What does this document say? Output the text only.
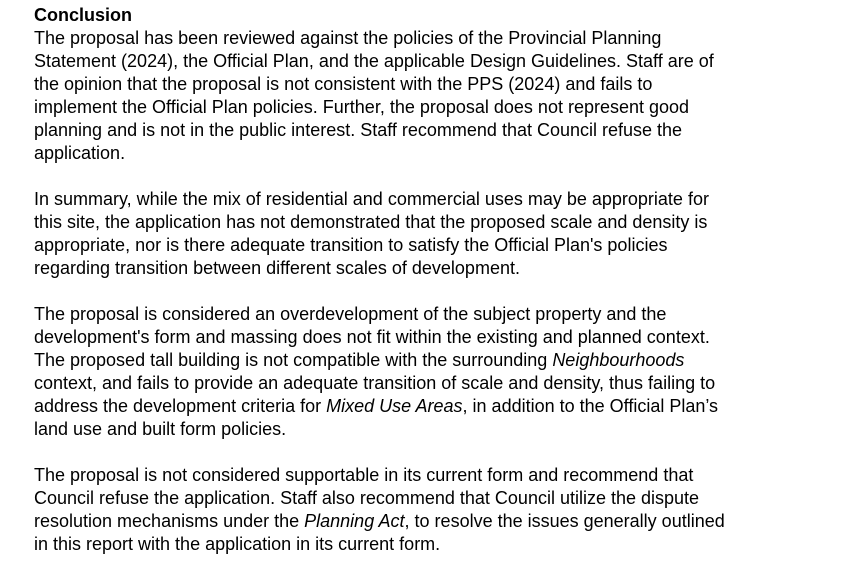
Conclusion
The proposal has been reviewed against the policies of the Provincial Planning
Statement (2024), the Official Plan, and the applicable Design Guidelines. Staff are of
the opinion that the proposal is not consistent with the PPS (2024) and fails to
implement the Official Plan policies. Further, the proposal does not represent good
planning and is not in the public interest. Staff recommend that Council refuse the
application.
In summary, while the mix of residential and commercial uses may be appropriate for
this site, the application has not demonstrated that the proposed scale and density is
appropriate, nor is there adequate transition to satisfy the Official Plan's policies
regarding transition between different scales of development.
The proposal is considered an overdevelopment of the subject property and the
development's form and massing does not fit within the existing and planned context.
The proposed tall building is not compatible with the surrounding Neighbourhoods
context, and fails to provide an adequate transition of scale and density, thus failing to
address the development criteria for Mixed Use Areas, in addition to the Official Plan’s
land use and built form policies.
The proposal is not considered supportable in its current form and recommend that
Council refuse the application. Staff also recommend that Council utilize the dispute
resolution mechanisms under the Planning Act, to resolve the issues generally outlined
in this report with the application in its current form.
